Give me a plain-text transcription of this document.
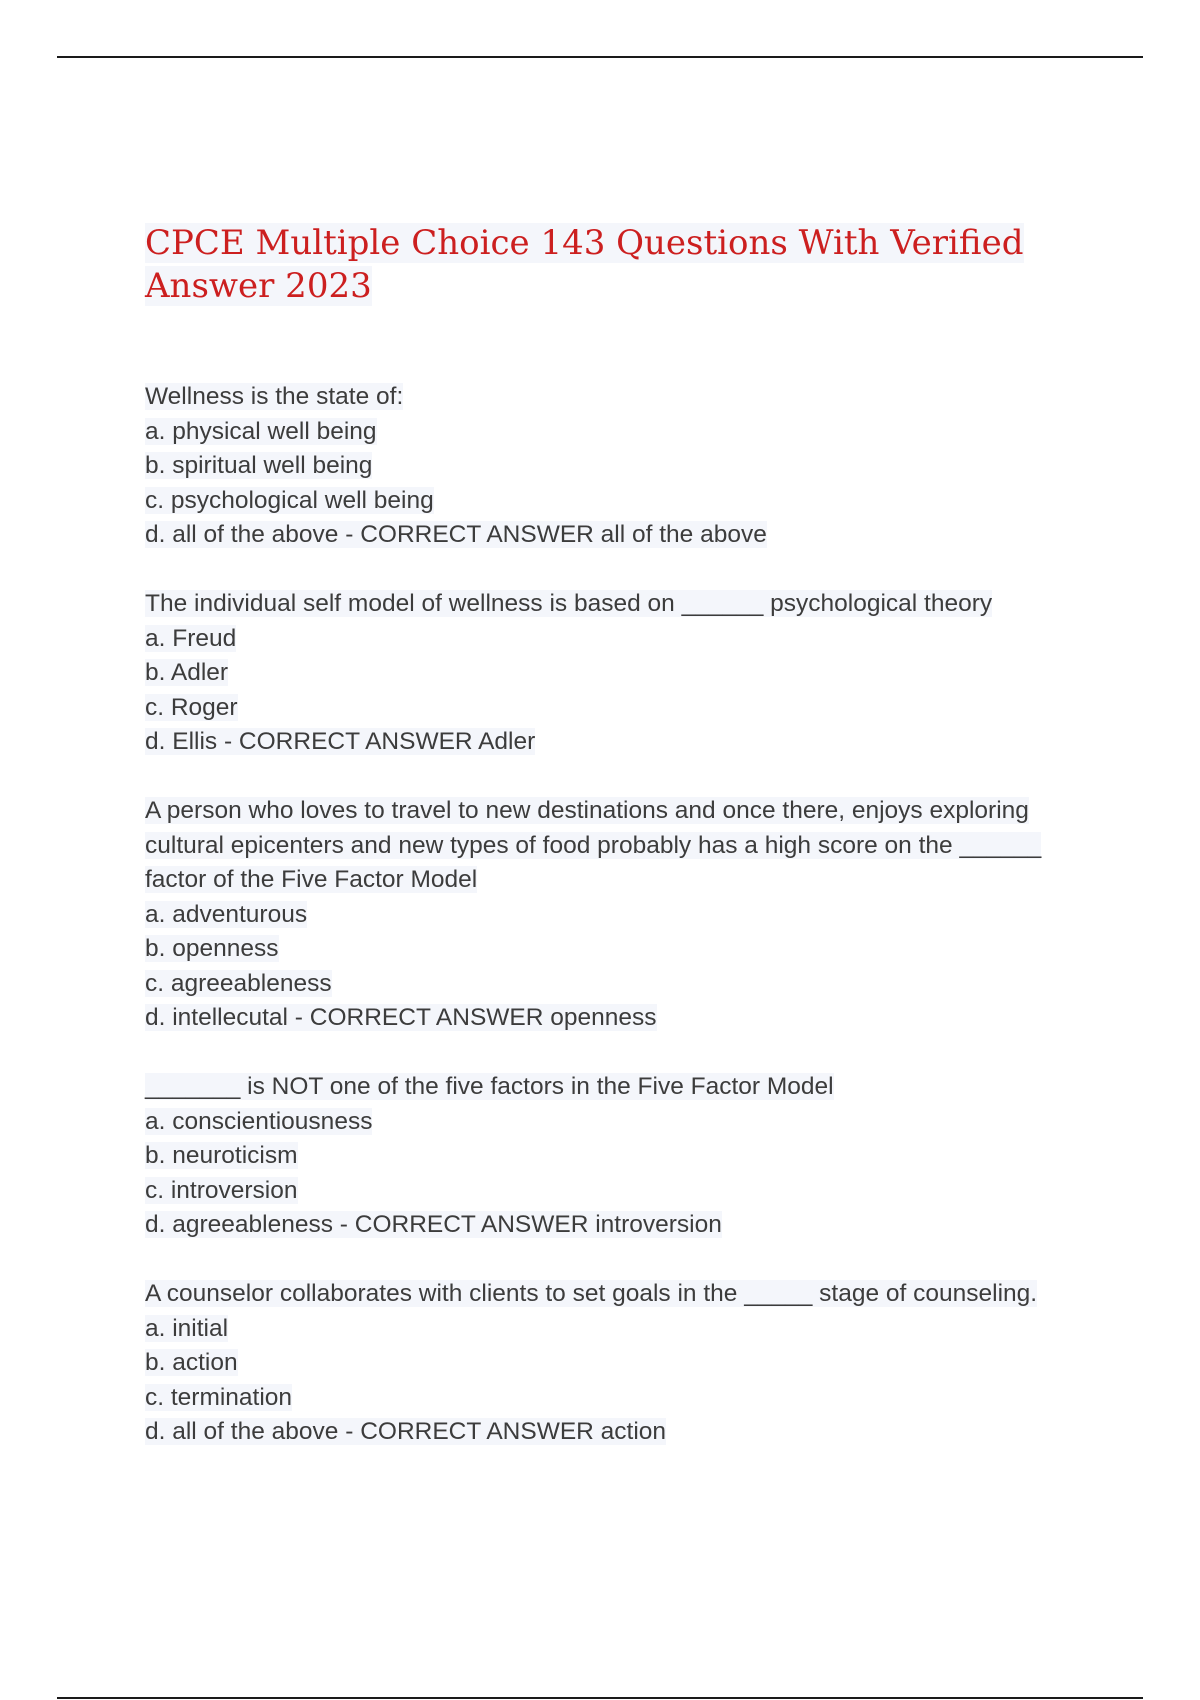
CPCE Multiple Choice 143 Questions With Verified Answer 2023
Wellness is the state of:
a. physical well being
b. spiritual well being
c. psychological well being
d. all of the above - CORRECT ANSWER all of the above
The individual self model of wellness is based on ______ psychological theory
a. Freud
b. Adler
c. Roger
d. Ellis - CORRECT ANSWER Adler
A person who loves to travel to new destinations and once there, enjoys exploring cultural epicenters and new types of food probably has a high score on the ______ factor of the Five Factor Model
a. adventurous
b. openness
c. agreeableness
d. intellecutal - CORRECT ANSWER openness
_______ is NOT one of the five factors in the Five Factor Model
a. conscientiousness
b. neuroticism
c. introversion
d. agreeableness - CORRECT ANSWER introversion
A counselor collaborates with clients to set goals in the _____ stage of counseling.
a. initial
b. action
c. termination
d. all of the above - CORRECT ANSWER action
